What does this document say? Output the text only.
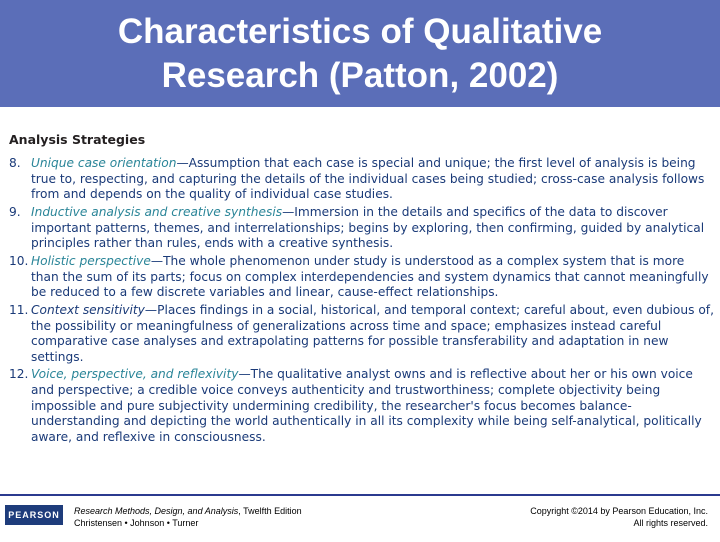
Characteristics of Qualitative
Research (Patton, 2002)
Analysis Strategies
8. Unique case orientation—Assumption that each case is special and unique; the first level of analysis is being true to, respecting, and capturing the details of the individual cases being studied; cross-case analysis follows from and depends on the quality of individual case studies.
9. Inductive analysis and creative synthesis—Immersion in the details and specifics of the data to discover important patterns, themes, and interrelationships; begins by exploring, then confirming, guided by analytical principles rather than rules, ends with a creative synthesis.
10. Holistic perspective—The whole phenomenon under study is understood as a complex system that is more than the sum of its parts; focus on complex interdependencies and system dynamics that cannot meaningfully be reduced to a few discrete variables and linear, cause-effect relationships.
11. Context sensitivity—Places findings in a social, historical, and temporal context; careful about, even dubious of, the possibility or meaningfulness of generalizations across time and space; emphasizes instead careful comparative case analyses and extrapolating patterns for possible transferability and adaptation in new settings.
12. Voice, perspective, and reflexivity—The qualitative analyst owns and is reflective about her or his own voice and perspective; a credible voice conveys authenticity and trustworthiness; complete objectivity being impossible and pure subjectivity undermining credibility, the researcher's focus becomes balance-understanding and depicting the world authentically in all its complexity while being self-analytical, politically aware, and reflexive in consciousness.
PEARSON Research Methods, Design, and Analysis, Twelfth Edition
Christensen • Johnson • Turner
Copyright ©2014 by Pearson Education, Inc.
All rights reserved.
